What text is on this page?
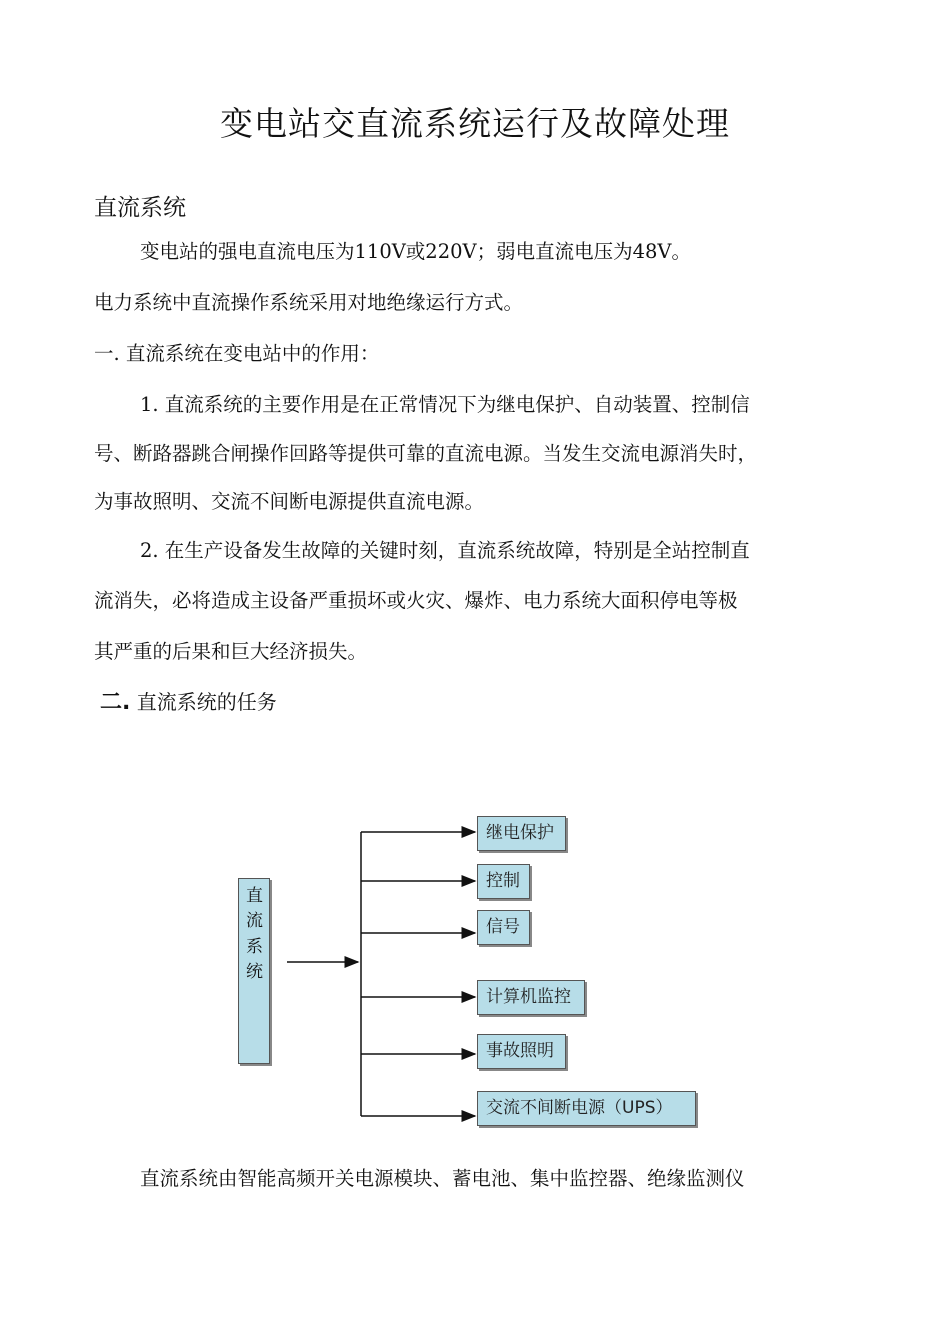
变电站交直流系统运行及故障处理
直流系统
变电站的强电直流电压为110V或220V；弱电直流电压为48V。
电力系统中直流操作系统采用对地绝缘运行方式。
一. 直流系统在变电站中的作用：
1. 直流系统的主要作用是在正常情况下为继电保护、自动装置、控制信
号、断路器跳合闸操作回路等提供可靠的直流电源。当发生交流电源消失时，
为事故照明、交流不间断电源提供直流电源。
2. 在生产设备发生故障的关键时刻，直流系统故障，特别是全站控制直
流消失，必将造成主设备严重损坏或火灾、爆炸、电力系统大面积停电等极
其严重的后果和巨大经济损失。
二. 直流系统的任务
直
流
系
统
继电保护
控制
信号
计算机监控
事故照明
交流不间断电源（UPS）
直流系统由智能高频开关电源模块、蓄电池、集中监控器、绝缘监测仪
